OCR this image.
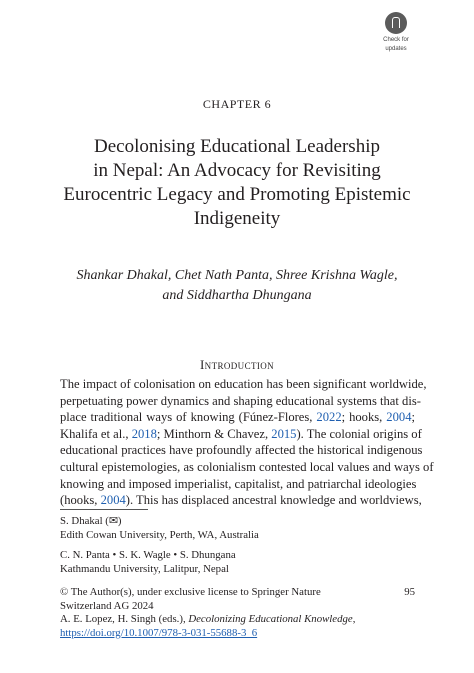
Check for
updates
CHAPTER 6
Decolonising Educational Leadership
in Nepal: An Advocacy for Revisiting
Eurocentric Legacy and Promoting Epistemic
Indigeneity
Shankar Dhakal, Chet Nath Panta, Shree Krishna Wagle,
and Siddhartha Dhungana
Introduction
The impact of colonisation on education has been significant worldwide,
perpetuating power dynamics and shaping educational systems that dis-
place traditional ways of knowing (Fúnez-Flores, 2022; hooks, 2004;
Khalifa et al., 2018; Minthorn & Chavez, 2015). The colonial origins of
educational practices have profoundly affected the historical indigenous
cultural epistemologies, as colonialism contested local values and ways of
knowing and imposed imperialist, capitalist, and patriarchal ideologies
(hooks, 2004). This has displaced ancestral knowledge and worldviews,
S. Dhakal (✉)
Edith Cowan University, Perth, WA, Australia
C. N. Panta • S. K. Wagle • S. Dhungana
Kathmandu University, Lalitpur, Nepal
© The Author(s), under exclusive license to Springer Nature
Switzerland AG 2024
A. E. Lopez, H. Singh (eds.), Decolonizing Educational Knowledge,
https://doi.org/10.1007/978-3-031-55688-3_6
95
